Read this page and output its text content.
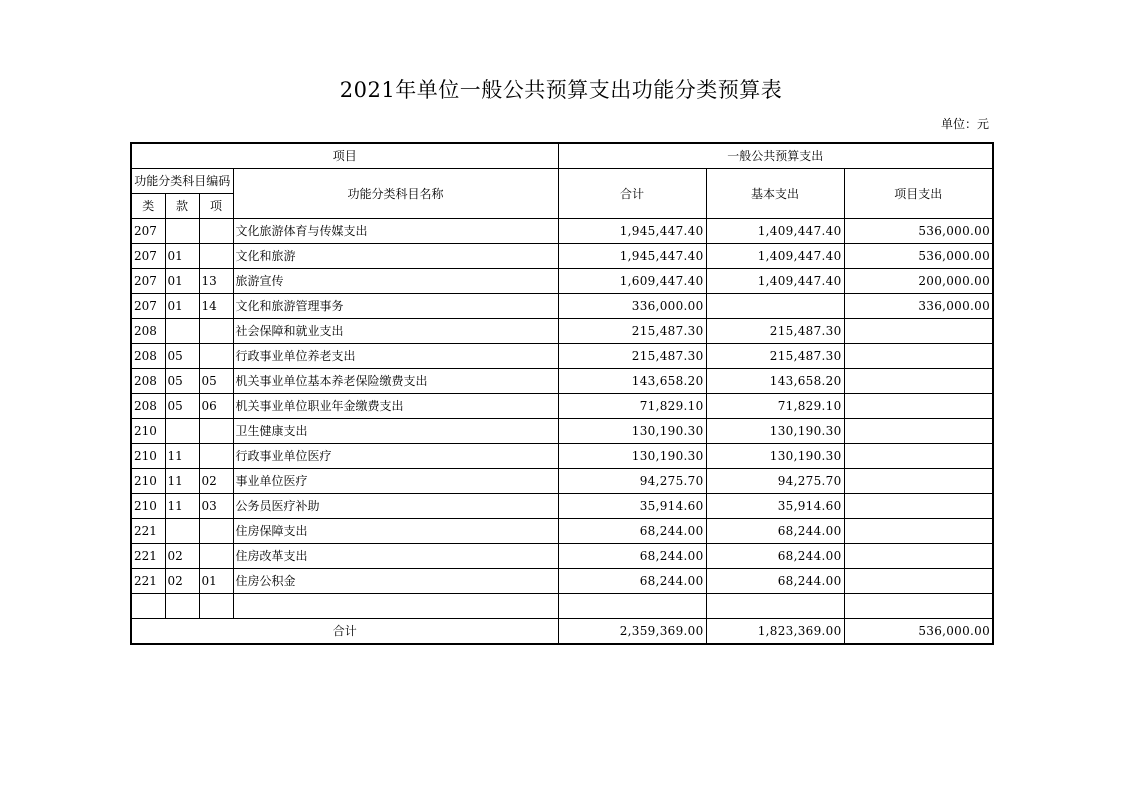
2021年单位一般公共预算支出功能分类预算表
单位：元
项目				一般公共预算支出		
功能分类科目编码			功能分类科目名称	合计	基本支出	项目支出
类	款	项				
207			文化旅游体育与传媒支出	1,945,447.40	1,409,447.40	536,000.00
207	01		文化和旅游	1,945,447.40	1,409,447.40	536,000.00
207	01	13	旅游宣传	1,609,447.40	1,409,447.40	200,000.00
207	01	14	文化和旅游管理事务	336,000.00		336,000.00
208			社会保障和就业支出	215,487.30	215,487.30	
208	05		行政事业单位养老支出	215,487.30	215,487.30	
208	05	05	机关事业单位基本养老保险缴费支出	143,658.20	143,658.20	
208	05	06	机关事业单位职业年金缴费支出	71,829.10	71,829.10	
210			卫生健康支出	130,190.30	130,190.30	
210	11		行政事业单位医疗	130,190.30	130,190.30	
210	11	02	事业单位医疗	94,275.70	94,275.70	
210	11	03	公务员医疗补助	35,914.60	35,914.60	
221			住房保障支出	68,244.00	68,244.00	
221	02		住房改革支出	68,244.00	68,244.00	
221	02	01	住房公积金	68,244.00	68,244.00	

合计				2,359,369.00	1,823,369.00	536,000.00
